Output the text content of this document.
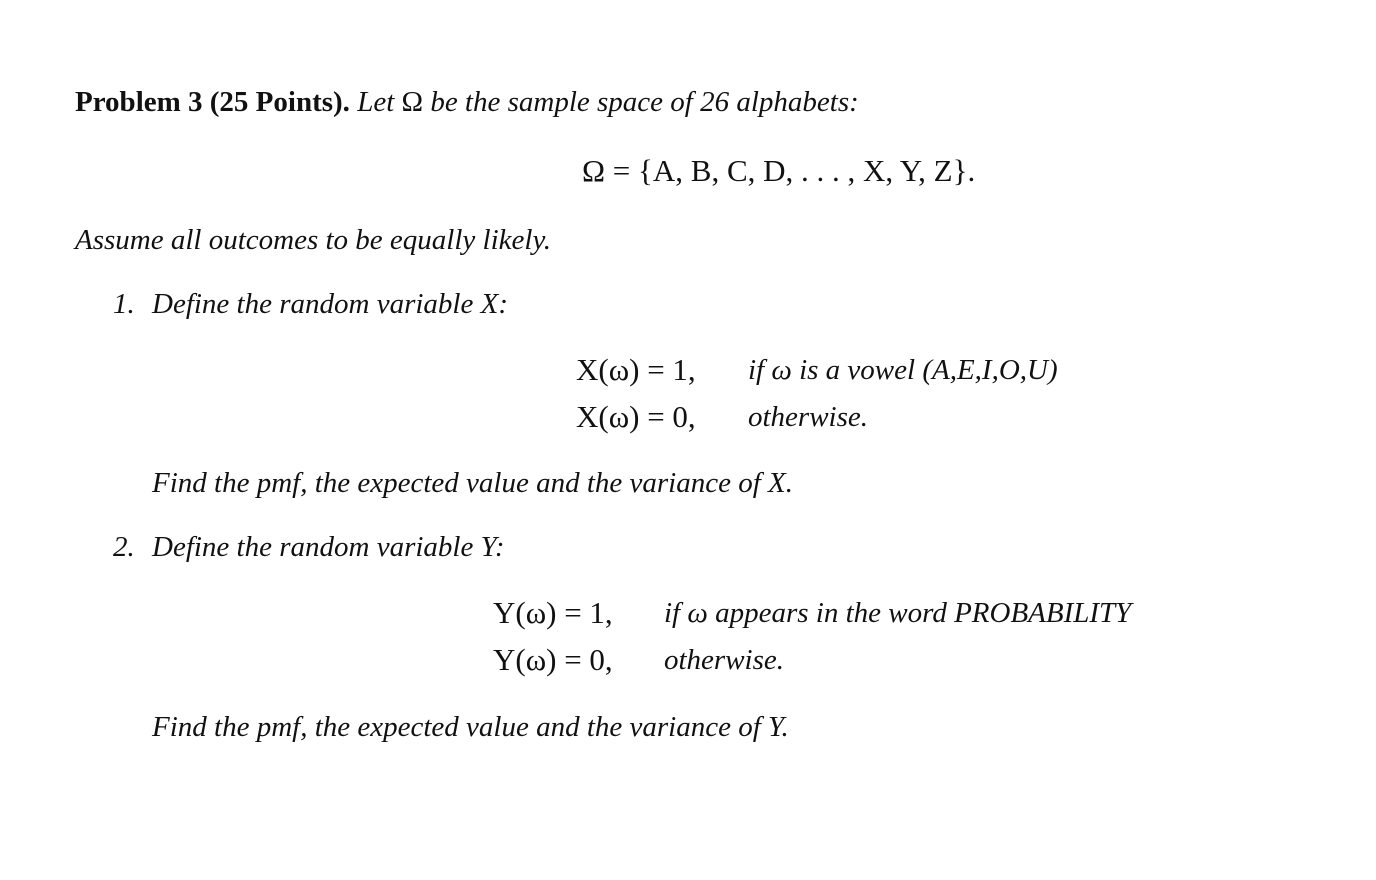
Problem 3 (25 Points). Let Ω be the sample space of 26 alphabets:
Ω = {A, B, C, D, . . . , X, Y, Z}.
Assume all outcomes to be equally likely.
1. Define the random variable X:
X(ω) = 1, if ω is a vowel (A,E,I,O,U)
X(ω) = 0, otherwise.
Find the pmf, the expected value and the variance of X.
2. Define the random variable Y:
Y(ω) = 1, if ω appears in the word PROBABILITY
Y(ω) = 0, otherwise.
Find the pmf, the expected value and the variance of Y.
